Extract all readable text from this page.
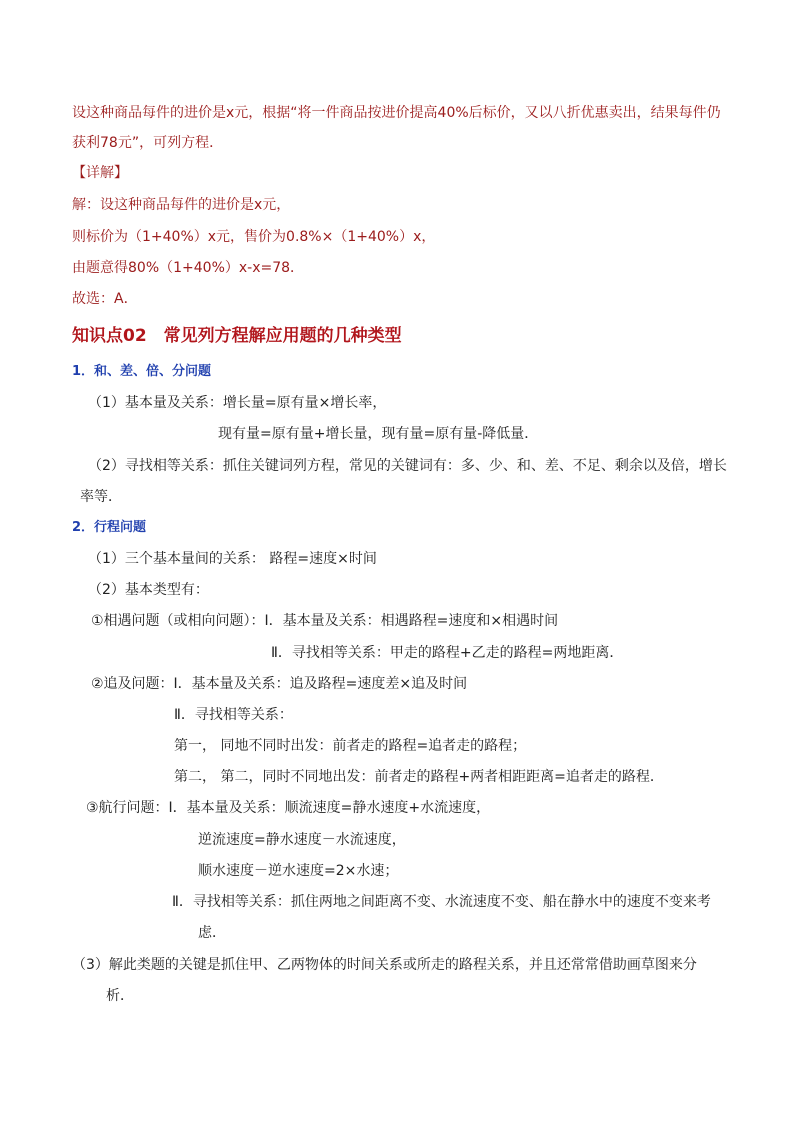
设这种商品每件的进价是x元，根据“将一件商品按进价提高40%后标价，又以八折优惠卖出，结果每件仍
获利78元”，可列方程．
【详解】
解：设这种商品每件的进价是x元，
则标价为（1+40%）x元，售价为0.8%×（1+40%）x，
由题意得80%（1+40%）x-x=78．
故选：A．
知识点02　常见列方程解应用题的几种类型
1．和、差、倍、分问题
（1）基本量及关系：增长量=原有量×增长率，
现有量=原有量+增长量，现有量=原有量-降低量．
（2）寻找相等关系：抓住关键词列方程，常见的关键词有：多、少、和、差、不足、剩余以及倍，增长
率等．
2．行程问题
（1）三个基本量间的关系： 路程=速度×时间
（2）基本类型有：
①相遇问题（或相向问题）：Ⅰ．基本量及关系：相遇路程=速度和×相遇时间
Ⅱ．寻找相等关系：甲走的路程+乙走的路程=两地距离．
②追及问题：Ⅰ．基本量及关系：追及路程=速度差×追及时间
Ⅱ．寻找相等关系：
第一， 同地不同时出发：前者走的路程=追者走的路程；
第二， 第二，同时不同地出发：前者走的路程+两者相距距离=追者走的路程．
③航行问题：Ⅰ．基本量及关系：顺流速度=静水速度+水流速度，
逆流速度=静水速度－水流速度，
顺水速度－逆水速度=2×水速；
Ⅱ．寻找相等关系：抓住两地之间距离不变、水流速度不变、船在静水中的速度不变来考
虑．
（3）解此类题的关键是抓住甲、乙两物体的时间关系或所走的路程关系，并且还常常借助画草图来分
析．
